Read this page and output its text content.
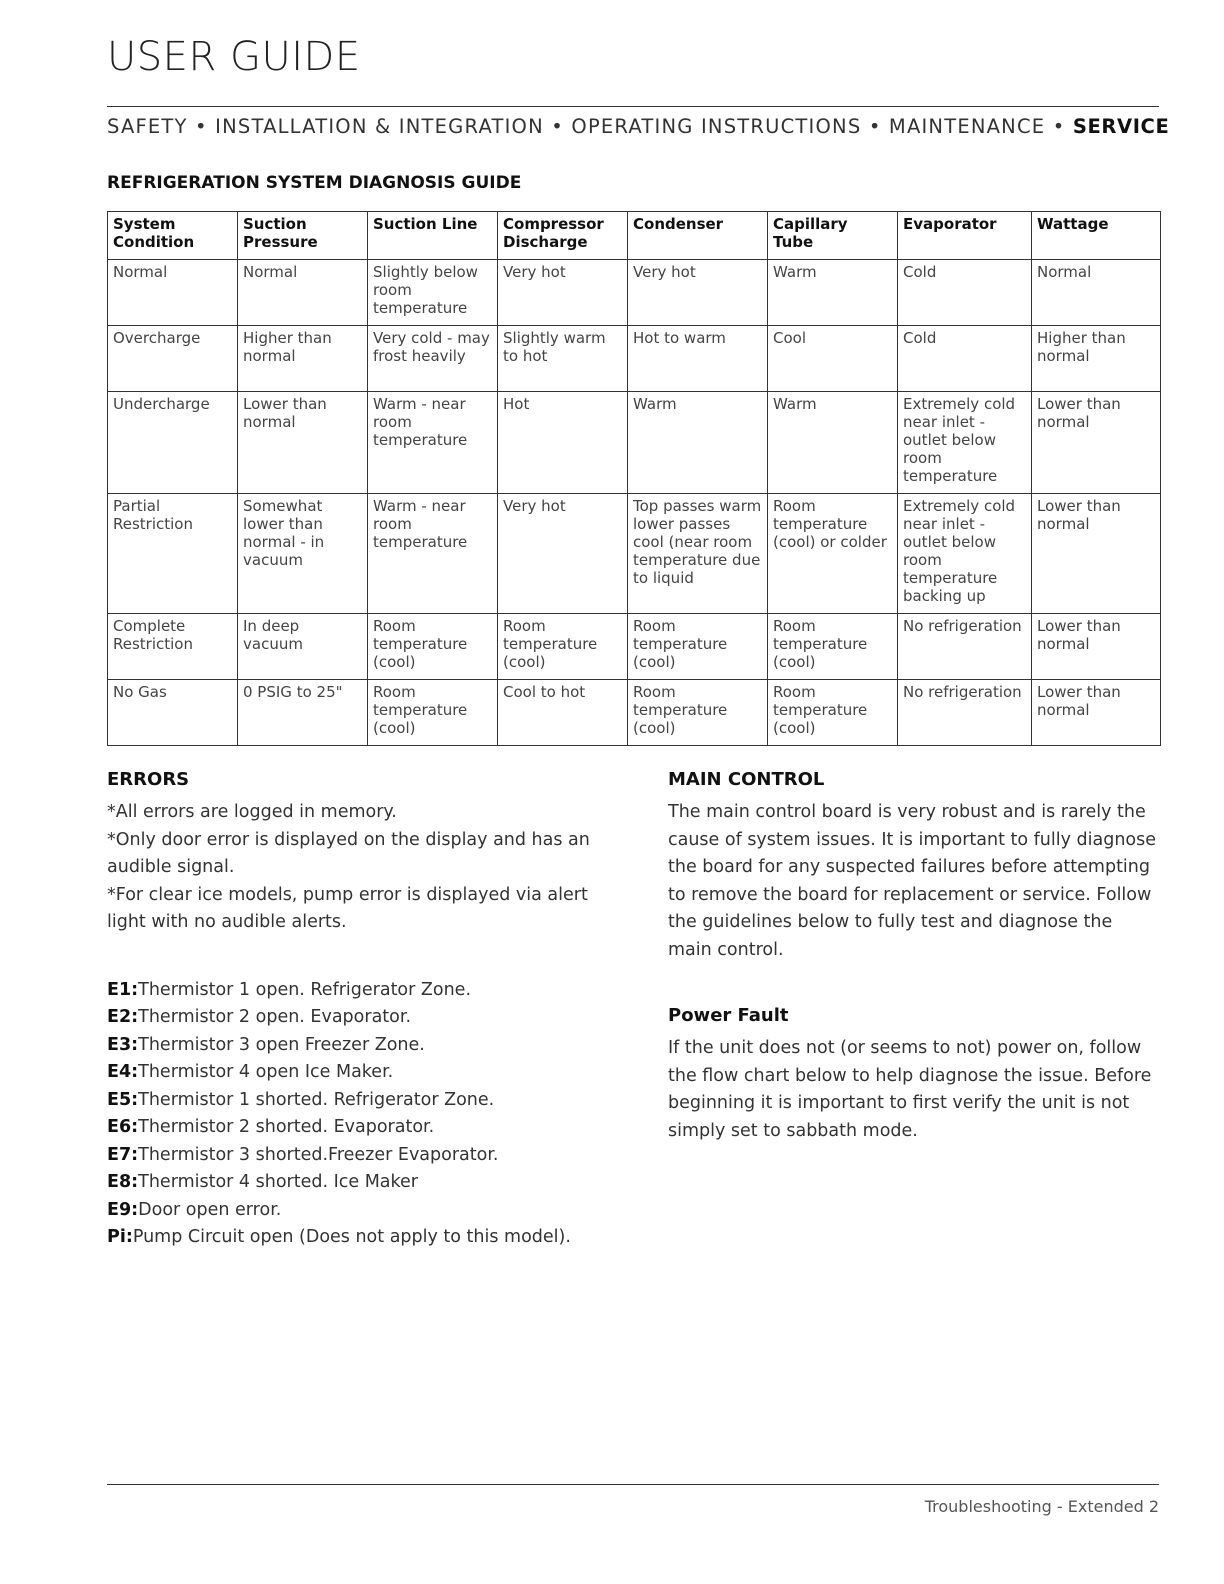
USER GUIDE
SAFETY • INSTALLATION & INTEGRATION • OPERATING INSTRUCTIONS • MAINTENANCE • SERVICE
REFRIGERATION SYSTEM DIAGNOSIS GUIDE
System Condition	Suction Pressure	Suction Line	Compressor Discharge	Condenser	Capillary Tube	Evaporator	Wattage
Normal	Normal	Slightly below room temperature	Very hot	Very hot	Warm	Cold	Normal
Overcharge	Higher than normal	Very cold - may frost heavily	Slightly warm to hot	Hot to warm	Cool	Cold	Higher than normal
Undercharge	Lower than normal	Warm - near room temperature	Hot	Warm	Warm	Extremely cold near inlet - outlet below room temperature	Lower than normal
Partial Restriction	Somewhat lower than normal - in vacuum	Warm - near room temperature	Very hot	Top passes warm lower passes cool (near room temperature due to liquid	Room temperature (cool) or colder	Extremely cold near inlet - outlet below room temperature backing up	Lower than normal
Complete Restriction	In deep vacuum	Room temperature (cool)	Room temperature (cool)	Room temperature (cool)	Room temperature (cool)	No refrigeration	Lower than normal
No Gas	0 PSIG to 25"	Room temperature (cool)	Cool to hot	Room temperature (cool)	Room temperature (cool)	No refrigeration	Lower than normal
ERRORS

*All errors are logged in memory.

*Only door error is displayed on the display and has an audible signal.

*For clear ice models, pump error is displayed via alert light with no audible alerts.

E1:Thermistor 1 open. Refrigerator Zone.
E2:Thermistor 2 open. Evaporator.
E3:Thermistor 3 open Freezer Zone.
E4:Thermistor 4 open Ice Maker.
E5:Thermistor 1 shorted. Refrigerator Zone.
E6:Thermistor 2 shorted. Evaporator.
E7:Thermistor 3 shorted.Freezer Evaporator.
E8:Thermistor 4 shorted. Ice Maker
E9:Door open error.
Pi:Pump Circuit open (Does not apply to this model).
MAIN CONTROL

The main control board is very robust and is rarely the cause of system issues. It is important to fully diagnose the board for any suspected failures before attempting to remove the board for replacement or service. Follow the guidelines below to fully test and diagnose the main control.

Power Fault

If the unit does not (or seems to not) power on, follow the flow chart below to help diagnose the issue. Before beginning it is important to first verify the unit is not simply set to sabbath mode.

Troubleshooting - Extended 2
